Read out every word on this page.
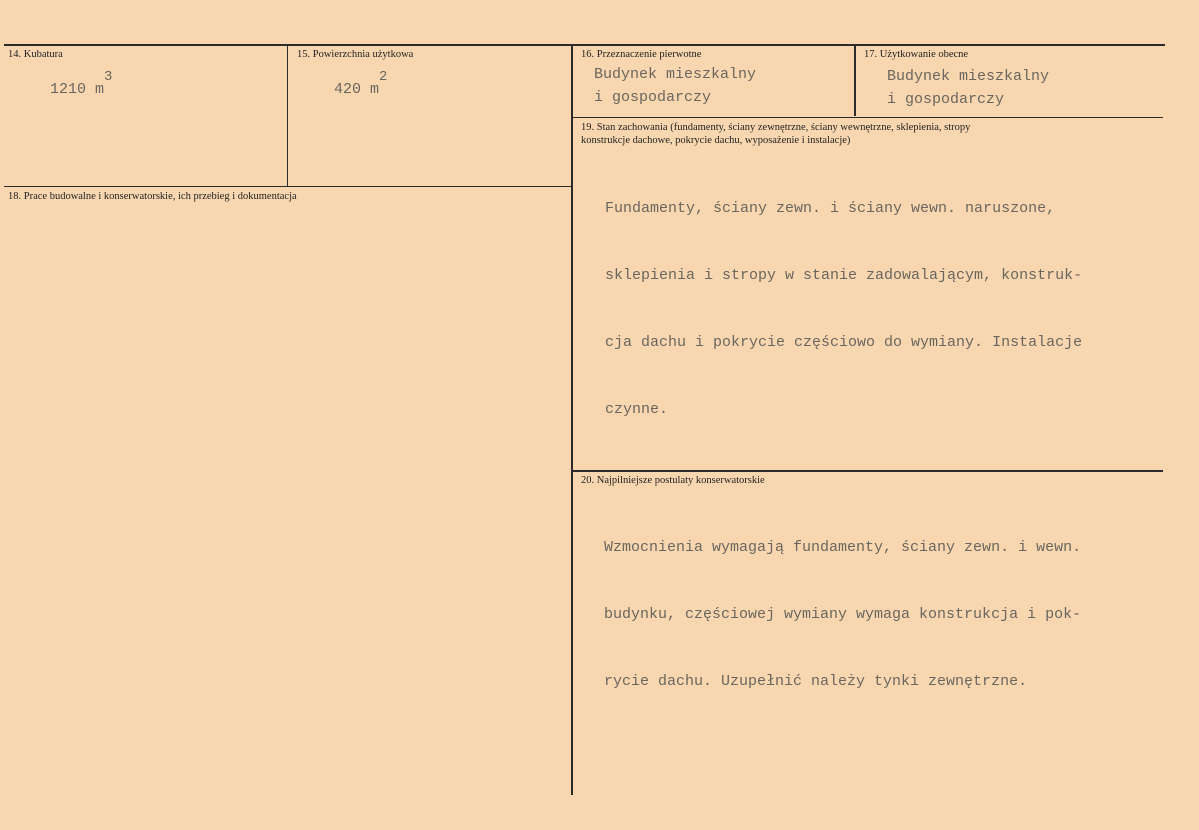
14. Kubatura
1210 m3
15. Powierzchnia użytkowa
420 m2
16. Przeznaczenie pierwotne
Budynek mieszkalny
i gospodarczy
17. Użytkowanie obecne
Budynek mieszkalny
i gospodarczy
18. Prace budowalne i konserwatorskie, ich przebieg i dokumentacja
19. Stan zachowania (fundamenty, ściany zewnętrzne, ściany wewnętrzne, sklepienia, stropy
konstrukcje dachowe, pokrycie dachu, wyposażenie i instalacje)

Fundamenty, ściany zewn. i ściany wewn. naruszone,

sklepienia i stropy w stanie zadowalającym, konstruk-

cja dachu i pokrycie częściowo do wymiany. Instalacje

czynne.

20. Najpilniejsze postulaty konserwatorskie

Wzmocnienia wymagają fundamenty, ściany zewn. i wewn.

budynku, częściowej wymiany wymaga konstrukcja i pok-

rycie dachu. Uzupełnić należy tynki zewnętrzne.
